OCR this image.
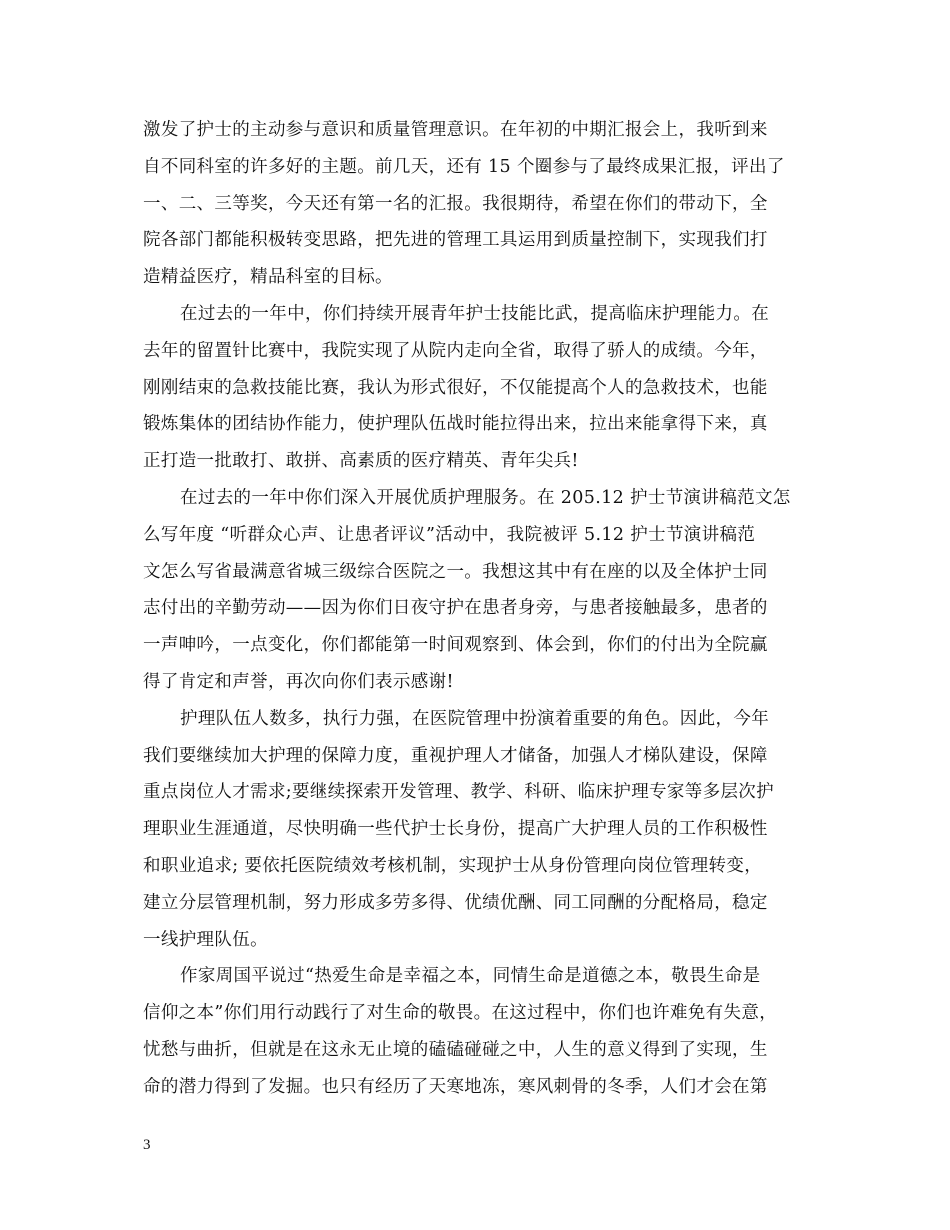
激发了护士的主动参与意识和质量管理意识。在年初的中期汇报会上，我听到来
自不同科室的许多好的主题。前几天，还有 15 个圈参与了最终成果汇报，评出了
一、二、三等奖，今天还有第一名的汇报。我很期待，希望在你们的带动下，全
院各部门都能积极转变思路，把先进的管理工具运用到质量控制下，实现我们打
造精益医疗，精品科室的目标。
在过去的一年中，你们持续开展青年护士技能比武，提高临床护理能力。在
去年的留置针比赛中，我院实现了从院内走向全省，取得了骄人的成绩。今年，
刚刚结束的急救技能比赛，我认为形式很好，不仅能提高个人的急救技术，也能
锻炼集体的团结协作能力，使护理队伍战时能拉得出来，拉出来能拿得下来，真
正打造一批敢打、敢拼、高素质的医疗精英、青年尖兵!
在过去的一年中你们深入开展优质护理服务。在 205.12 护士节演讲稿范文怎
么写年度 “听群众心声、让患者评议”活动中，我院被评 5.12 护士节演讲稿范
文怎么写省最满意省城三级综合医院之一。我想这其中有在座的以及全体护士同
志付出的辛勤劳动——因为你们日夜守护在患者身旁，与患者接触最多，患者的
一声呻吟，一点变化，你们都能第一时间观察到、体会到，你们的付出为全院赢
得了肯定和声誉，再次向你们表示感谢!
护理队伍人数多，执行力强，在医院管理中扮演着重要的角色。因此，今年
我们要继续加大护理的保障力度，重视护理人才储备，加强人才梯队建设，保障
重点岗位人才需求;要继续探索开发管理、教学、科研、临床护理专家等多层次护
理职业生涯通道，尽快明确一些代护士长身份，提高广大护理人员的工作积极性
和职业追求; 要依托医院绩效考核机制，实现护士从身份管理向岗位管理转变，
建立分层管理机制，努力形成多劳多得、优绩优酬、同工同酬的分配格局，稳定
一线护理队伍。
作家周国平说过“热爱生命是幸福之本，同情生命是道德之本，敬畏生命是
信仰之本”你们用行动践行了对生命的敬畏。在这过程中，你们也许难免有失意，
忧愁与曲折，但就是在这永无止境的磕磕碰碰之中，人生的意义得到了实现，生
命的潜力得到了发掘。也只有经历了天寒地冻，寒风刺骨的冬季，人们才会在第
3
